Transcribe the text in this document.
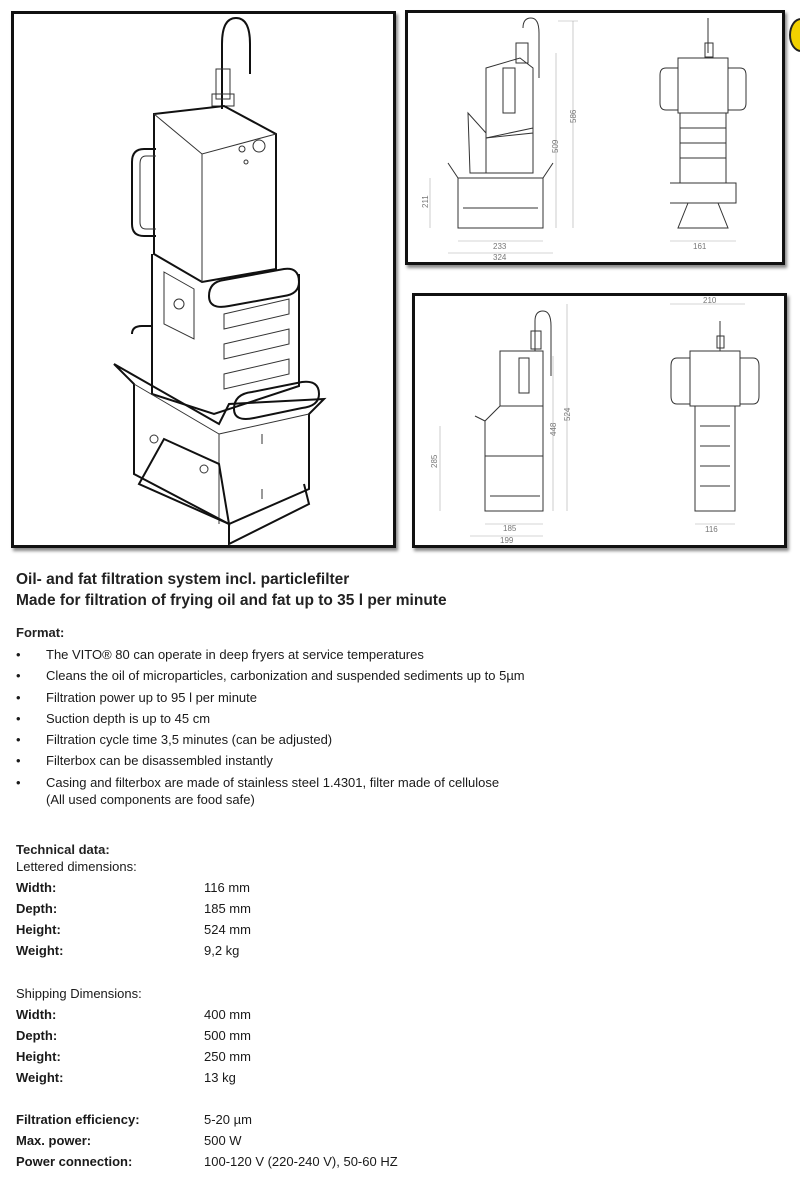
586
509
211
233
324
161
524
448
285
185
199
210
116
Oil- and fat filtration system incl. particlefilter
Made for filtration of frying oil and fat up to 35 l per minute
Format:
• The VITO® 80 can operate in deep fryers at service temperatures
• Cleans the oil of microparticles, carbonization and suspended sediments up to 5µm
• Filtration power up to 95 l per minute
• Suction depth is up to 45 cm
• Filtration cycle time 3,5 minutes (can be adjusted)
• Filterbox can be disassembled instantly
• Casing and filterbox are made of stainless steel 1.4301, filter made of cellulose
(All used components are food safe)
Technical data:
Lettered dimensions:
Width:	116 mm
Depth:	185 mm
Height:	524 mm
Weight:	9,2 kg
Shipping Dimensions:
Width:	400 mm
Depth:	500 mm
Height:	250 mm
Weight:	13 kg
Filtration efficiency:	5-20 µm
Max. power:	500 W
Power connection:	100-120 V (220-240 V), 50-60 HZ
